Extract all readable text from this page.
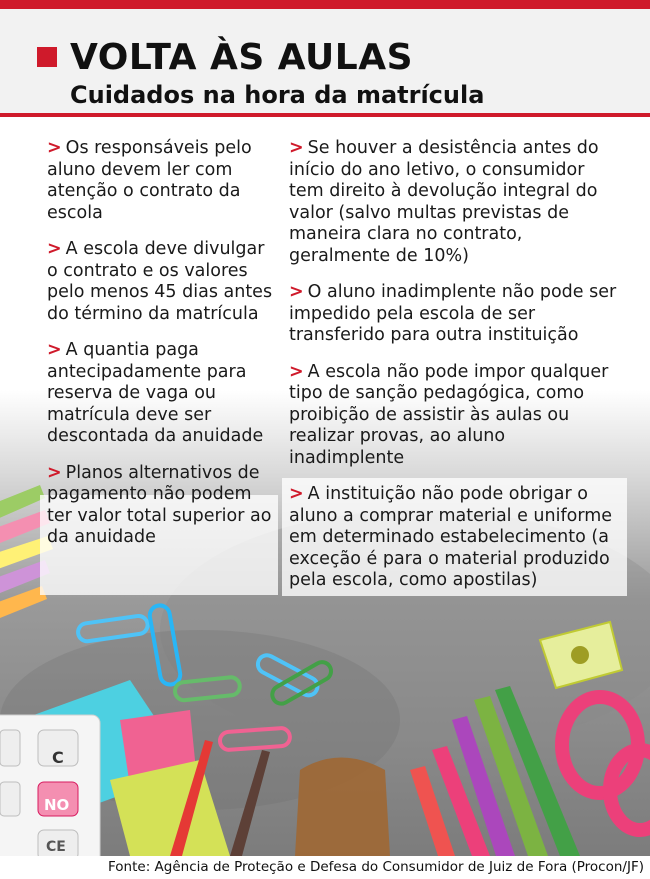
VOLTA ÀS AULAS
Cuidados na hora da matrícula
C
NO
CE
> Os responsáveis pelo aluno devem ler com atenção o contrato da escola
> A escola deve divulgar o contrato e os valores pelo menos 45 dias antes do término da matrícula
> A quantia paga antecipadamente para reserva de vaga ou matrícula deve ser descontada da anuidade
> Planos alternativos de pagamento não podem ter valor total superior ao da anuidade
> Se houver a desistência antes do início do ano letivo, o consumidor tem direito à devolução integral do valor (salvo multas previstas de maneira clara no contrato, geralmente de 10%)
> O aluno inadimplente não pode ser impedido pela escola de ser transferido para outra instituição
> A escola não pode impor qualquer tipo de sanção pedagógica, como proibição de assistir às aulas ou realizar provas, ao aluno inadimplente
> A instituição não pode obrigar o aluno a comprar material e uniforme em determinado estabelecimento (a exceção é para o material produzido pela escola, como apostilas)
Fonte: Agência de Proteção e Defesa do Consumidor de Juiz de Fora (Procon/JF)
